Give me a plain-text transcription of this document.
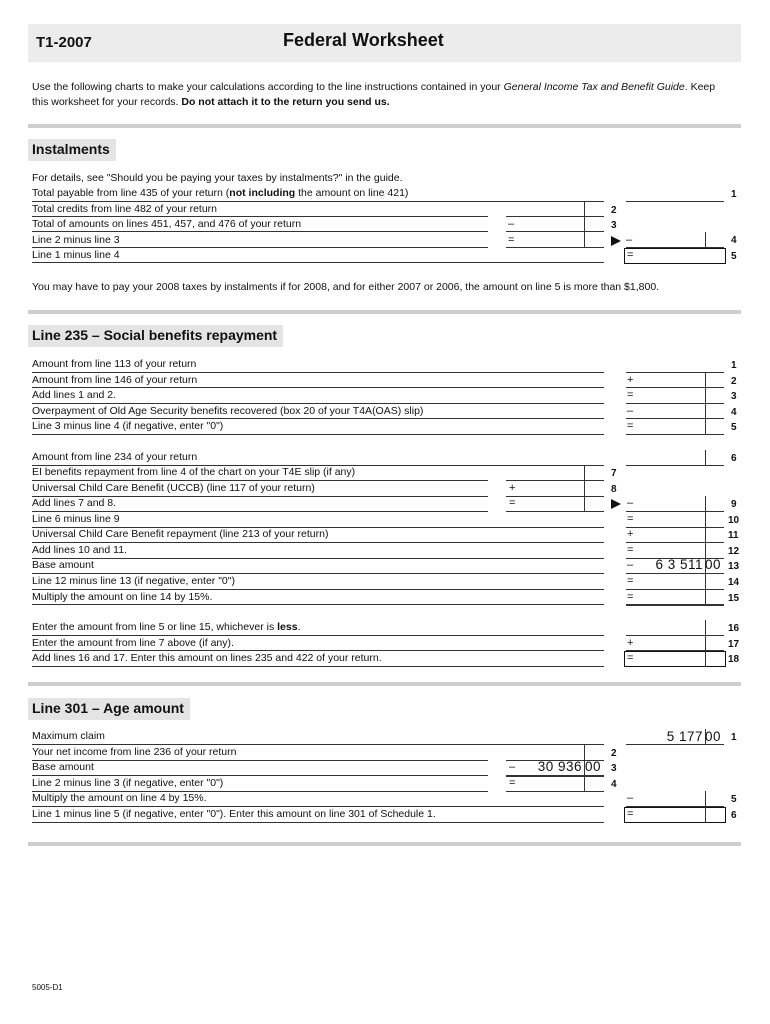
T1-2007	Federal Worksheet
Use the following charts to make your calculations according to the line instructions contained in your General Income Tax and Benefit Guide. Keep this worksheet for your records. Do not attach it to the return you send us.
Instalments
For details, see "Should you be paying your taxes by instalments?" in the guide.
Total payable from line 435 of your return (not including the amount on line 421)
Total credits from line 482 of your return
Total of amounts on lines 451, 457, and 476 of your return
Line 2 minus line 3
Line 1 minus line 4
–
=
2
3
–
=
1
4
5
You may have to pay your 2008 taxes by instalments if for 2008, and for either 2007 or 2006, the amount on line 5 is more than $1,800.
Line 235 – Social benefits repayment
Amount from line 113 of your return
Amount from line 146 of your return
Add lines 1 and 2.
Overpayment of Old Age Security benefits recovered (box 20 of your T4A(OAS) slip)
Line 3 minus line 4 (if negative, enter "0")
Amount from line 234 of your return
EI benefits repayment from line 4 of the chart on your T4E slip (if any)
Universal Child Care Benefit (UCCB) (line 117 of your return)
Add lines 7 and 8.
Line 6 minus line 9
Universal Child Care Benefit repayment (line 213 of your return)
Add lines 10 and 11.
Base amount
Line 12 minus line 13 (if negative, enter "0")
Multiply the amount on line 14 by 15%.
Enter the amount from line 5 or line 15, whichever is less.
Enter the amount from line 7 above (if any).
Add lines 16 and 17. Enter this amount on lines 235 and 422 of your return.
+
=
7
8
+
=
–
=
–
=
+
=
–
=
=
+
6 3 511 00
=
1
2
3
4
5
6
9
10
11
12
13
14
15
16
17
18
Line 301 – Age amount
Maximum claim
Your net income from line 236 of your return
Base amount
Line 2 minus line 3 (if negative, enter "0")
Multiply the amount on line 4 by 15%.
Line 1 minus line 5 (if negative, enter "0"). Enter this amount on line 301 of Schedule 1.
–
=
30 936 00
2
3
4
5 177 00
–
=
1
5
6
5005-D1
